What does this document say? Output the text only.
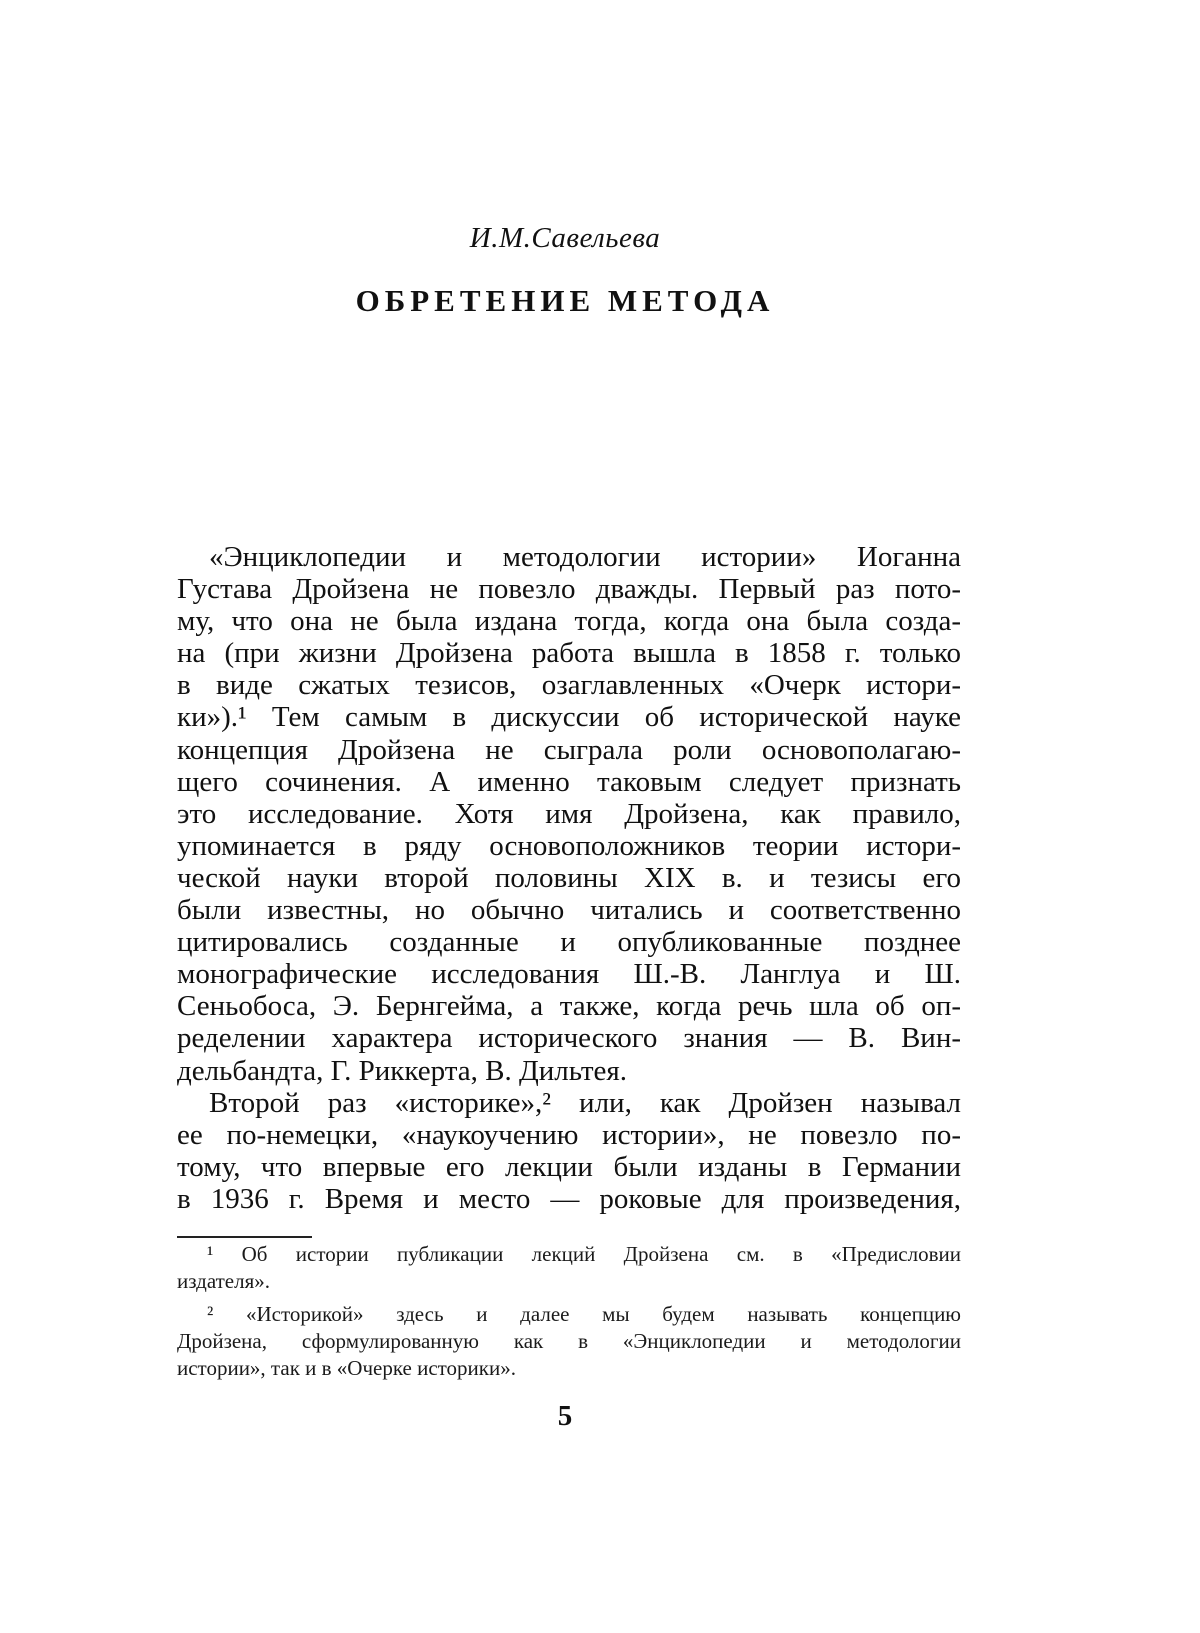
И.М.Савельева
ОБРЕТЕНИЕ МЕТОДА
«Энциклопедии и методологии истории» Иоганна
Густава Дройзена не повезло дважды. Первый раз пото-
му, что она не была издана тогда, когда она была созда-
на (при жизни Дройзена работа вышла в 1858 г. только
в виде сжатых тезисов, озаглавленных «Очерк истори-
ки»).¹ Тем самым в дискуссии об исторической науке
концепция Дройзена не сыграла роли основополагаю-
щего сочинения. А именно таковым следует признать
это исследование. Хотя имя Дройзена, как правило,
упоминается в ряду основоположников теории истори-
ческой науки второй половины XIX в. и тезисы его
были известны, но обычно читались и соответственно
цитировались созданные и опубликованные позднее
монографические исследования Ш.-В. Ланглуа и Ш.
Сеньобоса, Э. Бернгейма, а также, когда речь шла об оп-
ределении характера исторического знания — В. Вин-
дельбандта, Г. Риккерта, В. Дильтея.
Второй раз «историке»,² или, как Дройзен называл
ее по-немецки, «наукоучению истории», не повезло по-
тому, что впервые его лекции были изданы в Германии
в 1936 г. Время и место — роковые для произведения,
¹ Об истории публикации лекций Дройзена см. в «Предисловии
издателя».
² «Историкой» здесь и далее мы будем называть концепцию
Дройзена, сформулированную как в «Энциклопедии и методологии
истории», так и в «Очерке историки».
5
